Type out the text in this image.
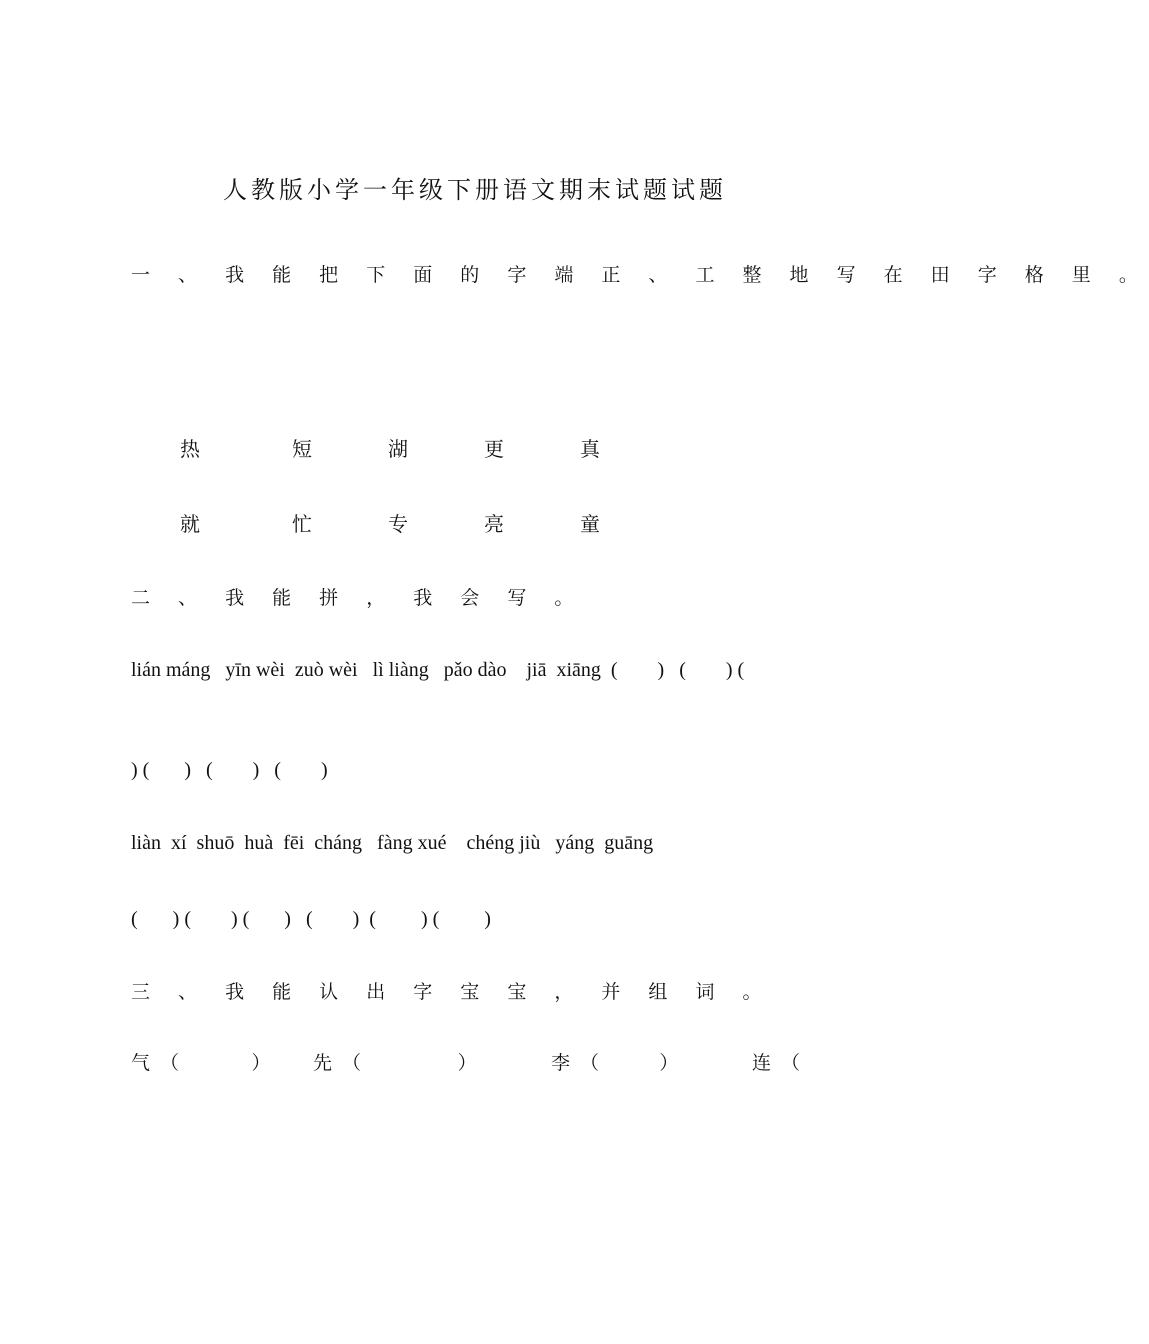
人教版小学一年级下册语文期末试题试题
一 、 我 能 把 下 面 的 字 端 正 、 工 整 地 写 在 田 字 格 里 。
热	短	湖	更	真
就	忙	专	亮	童
二 、 我 能 拼 ， 我 会 写 。
lián máng   yīn wèi  zuò wèi   lì liàng   pǎo dào    jiā  xiāng  (        )   (        ) (
) (       )   (        )   (        )
liàn  xí  shuō  huà  fēi  cháng   fàng xué    chéng jiù   yáng  guāng
(       ) (        ) (       )   (        )  (         ) (         )
三 、 我 能 认 出 字 宝 宝 ， 并 组 词 。
气 （            ） 先 （                ）	李 （          ）	连 （
